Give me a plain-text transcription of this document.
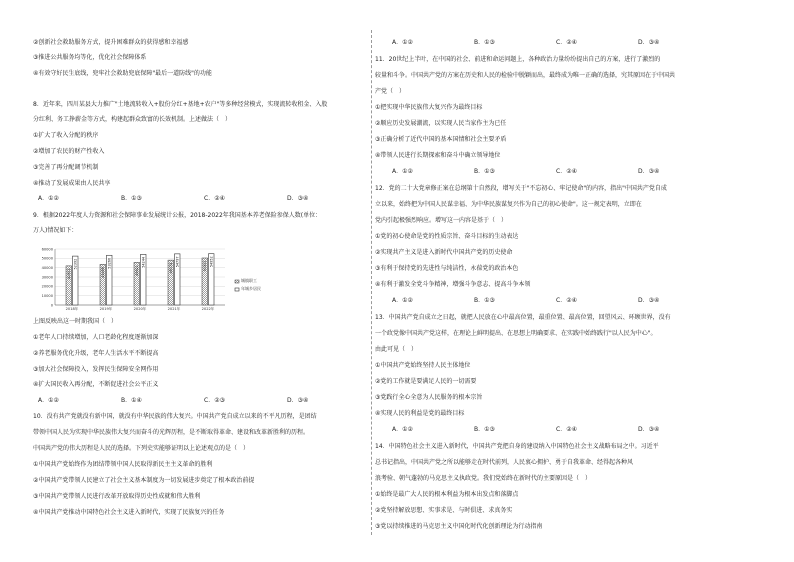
②创新社会救助服务方式，提升困难群众的获得感和幸福感
③推进公共服务均等化，优化社会保障体系
④有效守好民生底线，兜牢社会救助兜底保障"最后一道防线"的功能
8．近年来，四川某县大力推广"土地流转收入+股份分红+基地+农户"等多种经营模式，实现流转收租金、入股
分红利、务工挣薪金等方式，构建起群众致富的长效机制。上述做法（　）
①扩大了收入分配的秩序
②增加了农民的财产性收入
③完善了再分配调节机制
④推动了发展成果由人民共享
A．①②	B．①③	C．②④	D．③④
9．根据2022年度人力资源和社会保障事业发展统计公报，2018-2022年我国基本养老保险参保人数(单位：
万人)情况如下：
60000
50000
40000
30000
20000
10000
0
41902
52392
2018年
43488
53266
2019年
45621
54244
2020年
48074
54797
2021年
50355 54952
2022年
城镇职工
年城乡居民
上图反映出这一时期我国（　）
①老年人口持续增加，人口老龄化程度逐渐加深
②养老服务优化升级，老年人生活水平不断提高
③加大社会保障投入，发挥民生保障安全网作用
④扩大国民收入再分配，不断促进社会公平正义
A．①②	B．①④	C．②③	D．③④
10．没有共产党就没有新中国，就没有中华民族的伟大复兴。中国共产党自成立以来的不平凡历程，是团结
带领中国人民为实现中华民族伟大复兴而奋斗的光辉历程，是不断取得革命、建设和改革新胜利的历程。
中国共产党的伟大历程是人民的选择。下列史实能够证明以上论述观点的是（　）
①中国共产党始终作为团结带领中国人民取得新民主主义革命的胜利
②中国共产党带领人民建立了社会主义基本制度为一切发展进步奠定了根本政治前提
③中国共产党带领人民进行改革开放取得历史性成就和伟大胜利
④中国共产党推动中国特色社会主义进入新时代，实现了民族复兴的任务
A．①②	B．①③	C．②④	D．③④
11．20世纪上半叶，在中国的社会、前进和命运问题上，各种政治力量纷纷提出自己的方案，进行了激烈的
较量和斗争。中国共产党的方案在历史和人民的检验中脱颖而出，最终成为唯一正确的选择，究其原因在于中国共
产党（　）
①把实现中华民族伟大复兴作为最终目标
②顺应历史发展潮流，以实现人民当家作主为已任
③正确分析了近代中国的基本国情和社会主要矛盾
④带领人民进行长期探索和奋斗中确立领导地位
A．①②	B．①③	C．②④	D．③④
12．党的二十大党章修正案在总纲第十自然段，增写关于"不忘初心、牢记使命"的内容，指出"中国共产党自成
立以来，始终把为中国人民谋幸福、为中华民族谋复兴作为自己的初心使命"。这一规定表明，立即在
党内引起极强烈响应。增写这一内容是基于（　）
①党的初心使命是党的性质宗旨、奋斗目标的生动表达
②实现共产主义是进入新时代中国共产党的历史使命
③有利于保持党的先进性与纯洁性，永葆党的政治本色
④有利于激发全党斗争精神，增强斗争意志、提高斗争本领
A．①②	B．①③	C．②④	D．③④
13．中国共产党自成立之日起，就把人民放在心中最高位置，最重位置、最高位置，回望风云、环顾世界，没有
一个政党像中国共产党这样，在理论上鲜明提出、在思想上明确要求、在实践中始终践行"以人民为中心"。
由此可见（　）
①中国共产党始终坚持人民主体地位
②党的工作就是要满足人民的一切需要
③党践行全心全意为人民服务的根本宗旨
④实现人民的利益是党的最终目标
A．①②	B．①③	C．②④	D．③④
14．中国特色社会主义进入新时代，中国共产党把自身的建设纳入中国特色社会主义战略布局之中。习近平
总书记指出，中国共产党之所以能够走在时代前列，人民衷心拥护、勇于自我革命、经得起各种风
浪考验、朝气蓬勃的马克思主义执政党。我们党始终在新时代的主要原因是（　）
①始终是最广大人民的根本利益为根本出发点和落脚点
②党坚持解放思想、实事求是、与时俱进、求真务实
③党以持续推进的马克思主义中国化时代化创新理论为行动指南
